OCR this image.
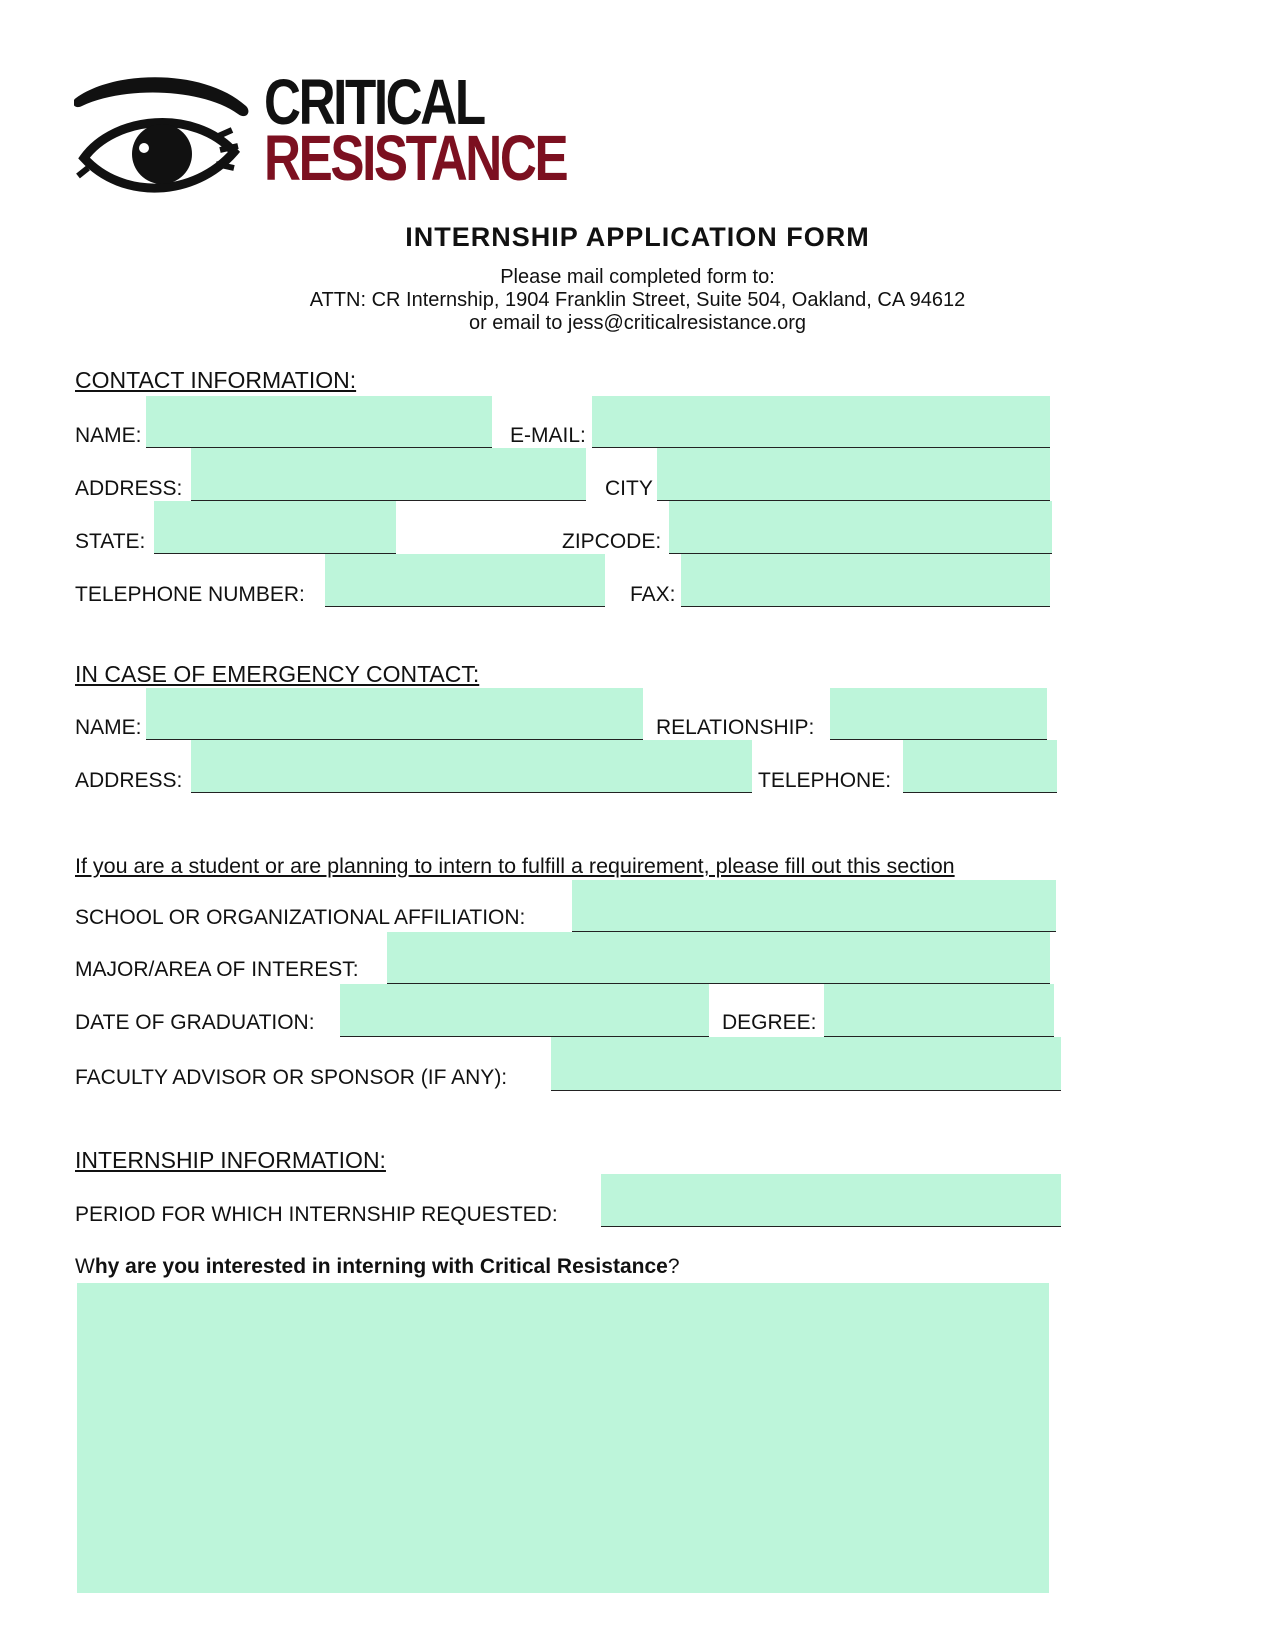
CRITICAL
RESISTANCE
INTERNSHIP APPLICATION FORM
Please mail completed form to:
ATTN: CR Internship, 1904 Franklin Street, Suite 504, Oakland, CA 94612
or email to jess@criticalresistance.org
CONTACT INFORMATION:
NAME:	E-MAIL:
ADDRESS:	CITY
STATE:	ZIPCODE:
TELEPHONE NUMBER:	FAX:
IN CASE OF EMERGENCY CONTACT:
NAME:	RELATIONSHIP:
ADDRESS:	TELEPHONE:
If you are a student or are planning to intern to fulfill a requirement, please fill out this section
SCHOOL OR ORGANIZATIONAL AFFILIATION:
MAJOR/AREA OF INTEREST:
DATE OF GRADUATION:	DEGREE:
FACULTY ADVISOR OR SPONSOR (IF ANY):
INTERNSHIP INFORMATION:
PERIOD FOR WHICH INTERNSHIP REQUESTED:
Why are you interested in interning with Critical Resistance?
